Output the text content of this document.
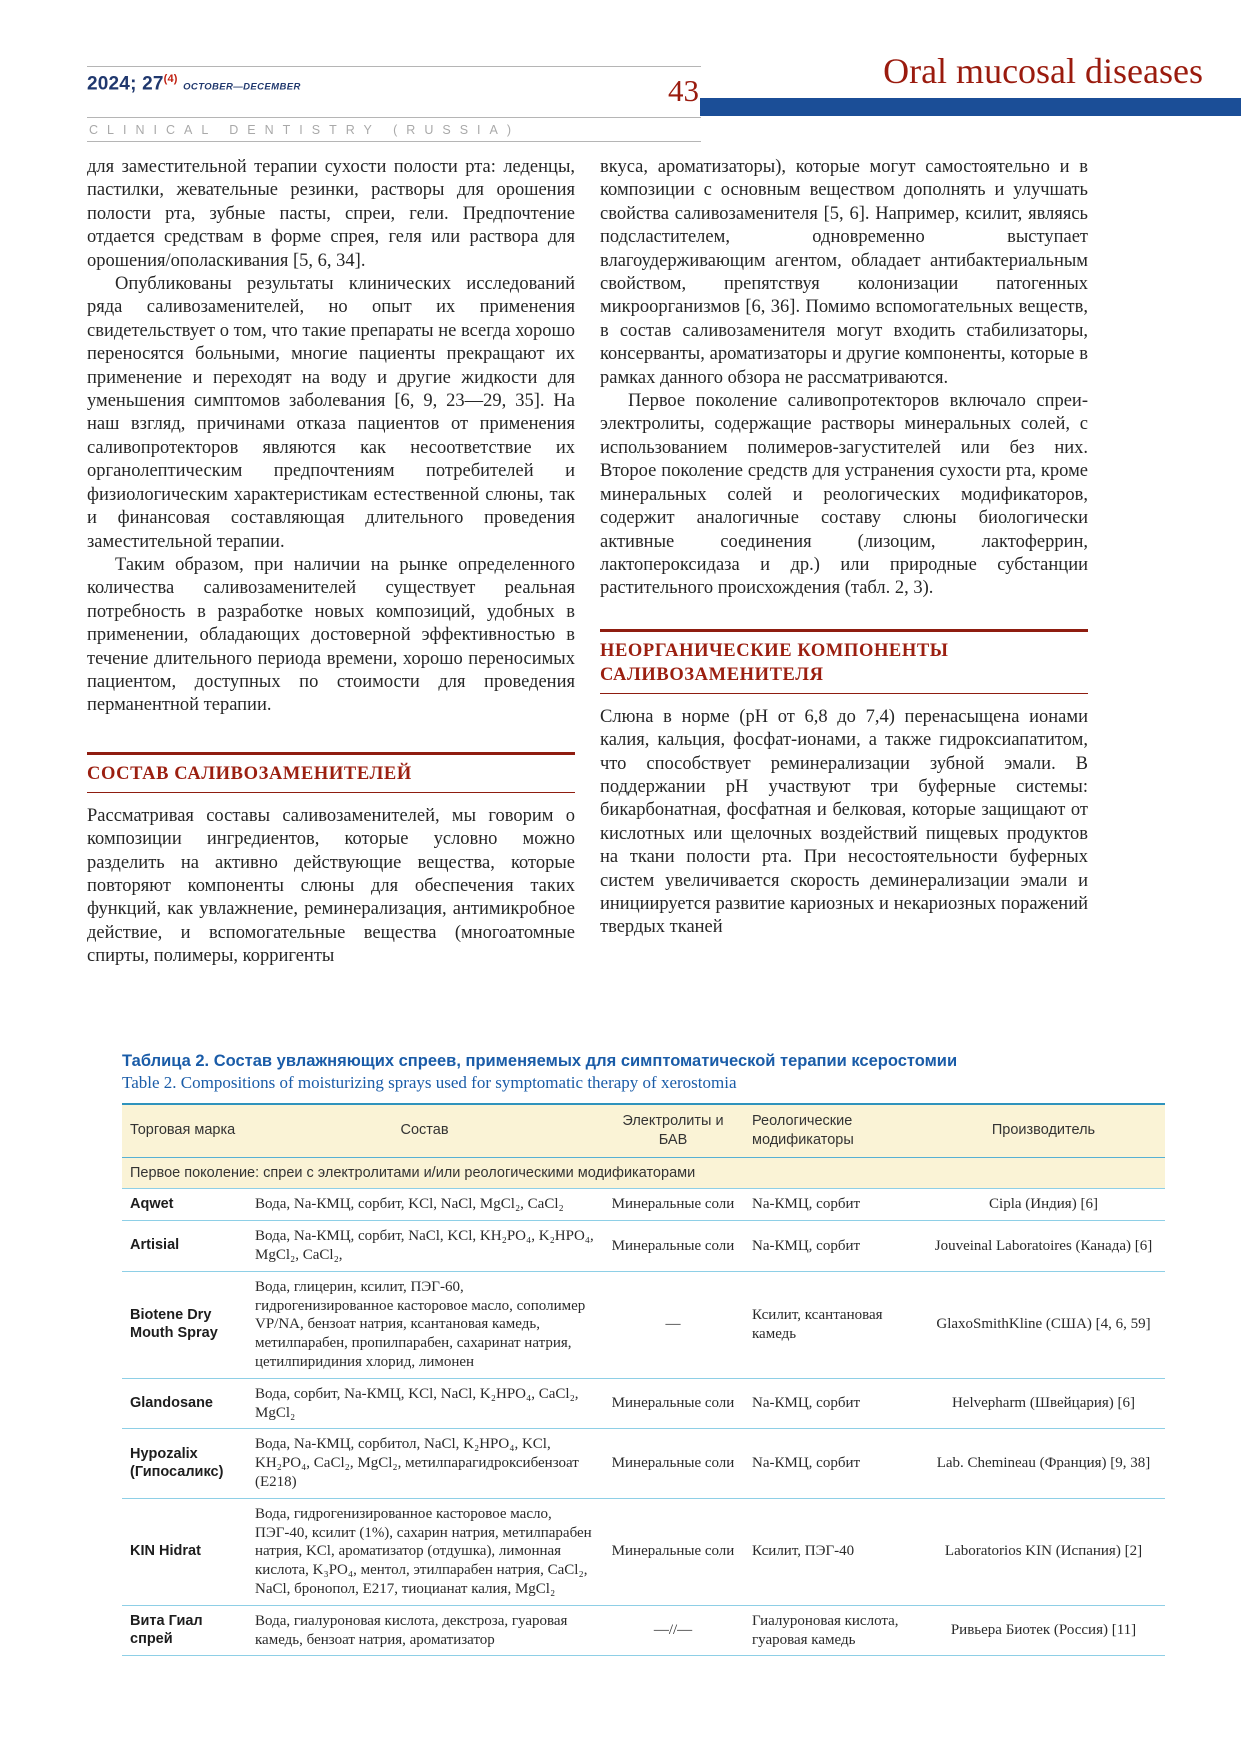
2024; 27$^{(4)}$ OCTOBER—DECEMBER	43
CLINICAL DENTISTRY (RUSSIA)
Oral mucosal diseases

для заместительной терапии сухости полости рта: леденцы, пастилки, жевательные резинки, растворы для орошения полости рта, зубные пасты, спреи, гели. Предпочтение отдается средствам в форме спрея, геля или раствора для орошения/ополаскивания [5, 6, 34].

Опубликованы результаты клинических исследований ряда саливозаменителей, но опыт их применения свидетельствует о том, что такие препараты не всегда хорошо переносятся больными, многие пациенты прекращают их применение и переходят на воду и другие жидкости для уменьшения симптомов заболевания [6, 9, 23—29, 35]. На наш взгляд, причинами отказа пациентов от применения саливопротекторов являются как несоответствие их органолептическим предпочтениям потребителей и физиологическим характеристикам естественной слюны, так и финансовая составляющая длительного проведения заместительной терапии.

Таким образом, при наличии на рынке определенного количества саливозаменителей существует реальная потребность в разработке новых композиций, удобных в применении, обладающих достоверной эффективностью в течение длительного периода времени, хорошо переносимых пациентом, доступных по стоимости для проведения перманентной терапии.

СОСТАВ САЛИВОЗАМЕНИТЕЛЕЙ

Рассматривая составы саливозаменителей, мы говорим о композиции ингредиентов, которые условно можно разделить на активно действующие вещества, которые повторяют компоненты слюны для обеспечения таких функций, как увлажнение, реминерализация, антимикробное действие, и вспомогательные вещества (многоатомные спирты, полимеры, корригенты

вкуса, ароматизаторы), которые могут самостоятельно и в композиции с основным веществом дополнять и улучшать свойства саливозаменителя [5, 6]. Например, ксилит, являясь подсластителем, одновременно выступает влагоудерживающим агентом, обладает антибактериальным свойством, препятствуя колонизации патогенных микроорганизмов [6, 36]. Помимо вспомогательных веществ, в состав саливозаменителя могут входить стабилизаторы, консерванты, ароматизаторы и другие компоненты, которые в рамках данного обзора не рассматриваются.

Первое поколение саливопротекторов включало спреи-электролиты, содержащие растворы минеральных солей, с использованием полимеров-загустителей или без них. Второе поколение средств для устранения сухости рта, кроме минеральных солей и реологических модификаторов, содержит аналогичные составу слюны биологически активные соединения (лизоцим, лактоферрин, лактопероксидаза и др.) или природные субстанции растительного происхождения (табл. 2, 3).

НЕОРГАНИЧЕСКИЕ КОМПОНЕНТЫ САЛИВОЗАМЕНИТЕЛЯ

Слюна в норме (pH от 6,8 до 7,4) перенасыщена ионами калия, кальция, фосфат-ионами, а также гидроксиапатитом, что способствует реминерализации зубной эмали. В поддержании pH участвуют три буферные системы: бикарбонатная, фосфатная и белковая, которые защищают от кислотных или щелочных воздействий пищевых продуктов на ткани полости рта. При несостоятельности буферных систем увеличивается скорость деминерализации эмали и инициируется развитие кариозных и некариозных поражений твердых тканей

Таблица 2. Состав увлажняющих спреев, применяемых для симптоматической терапии ксеростомии
Table 2. Compositions of moisturizing sprays used for symptomatic therapy of xerostomia
Торговая марка	Состав	Электролиты и БАВ	Реологические модификаторы	Производитель
Первое поколение: спреи с электролитами и/или реологическими модификаторами				
Aqwet	Вода, Na-КМЦ, сорбит, KCl, NaCl, MgCl₂, CaCl₂	Минеральные соли	Na-КМЦ, сорбит	Cipla (Индия) [6]
Artisial	Вода, Na-КМЦ, сорбит, NaCl, KCl, KH₂PO₄, K₂HPO₄, MgCl₂, CaCl₂,	Минеральные соли	Na-КМЦ, сорбит	Jouveinal Laboratoires (Канада) [6]
Biotene Dry Mouth Spray	Вода, глицерин, ксилит, ПЭГ-60, гидрогенизированное касторовое масло, сополимер VP/NA, бензоат натрия, ксантановая камедь, метилпарабен, пропилпарабен, сахаринат натрия, цетилпиридиния хлорид, лимонен	—	Ксилит, ксантановая камедь	GlaxoSmithKline (США) [4, 6, 59]
Glandosane	Вода, сорбит, Na-КМЦ, KCl, NaCl, K₂HPO₄, CaCl₂, MgCl₂	Минеральные соли	Na-КМЦ, сорбит	Helvepharm (Швейцария) [6]
Hypozalix (Гипосаликс)	Вода, Na-КМЦ, сорбитол, NaCl, K₂HPO₄, KCl, KH₂PO₄, CaCl₂, MgCl₂, метилпарагидроксибензоат (Е218)	Минеральные соли	Na-КМЦ, сорбит	Lab. Chemineau (Франция) [9, 38]
KIN Hidrat	Вода, гидрогенизированное касторовое масло, ПЭГ-40, ксилит (1%), сахарин натрия, метилпарабен натрия, KCl, ароматизатор (отдушка), лимонная кислота, K₃PO₄, ментол, этилпарабен натрия, CaCl₂, NaCl, бронопол, Е217, тиоцианат калия, MgCl₂	Минеральные соли	Ксилит, ПЭГ-40	Laboratorios KIN (Испания) [2]
Вита Гиал спрей	Вода, гиалуроновая кислота, декстроза, гуаровая камедь, бензоат натрия, ароматизатор	—//—	Гиалуроновая кислота, гуаровая камедь	Ривьера Биотек (Россия) [11]
